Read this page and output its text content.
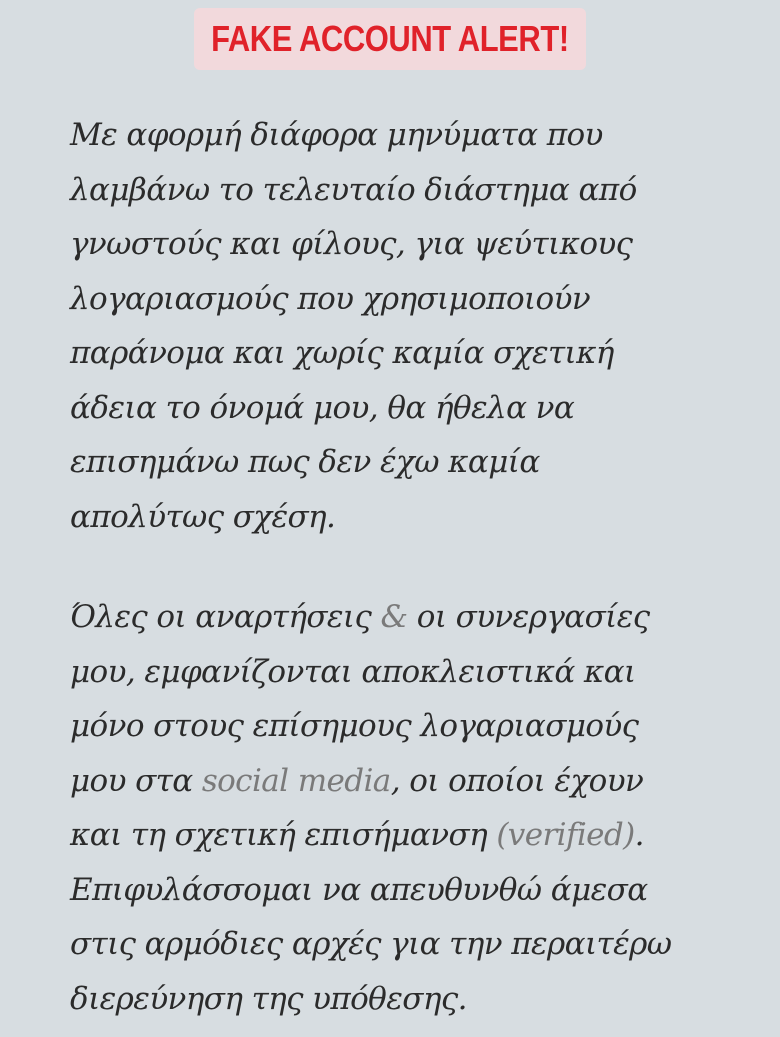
FAKE ACCOUNT ALERT!
Με αφορμή διάφορα μηνύματα που
λαμβάνω το τελευταίο διάστημα από
γνωστούς και φίλους, για ψεύτικους
λογαριασμούς που χρησιμοποιούν
παράνομα και χωρίς καμία σχετική
άδεια το όνομά μου, θα ήθελα να
επισημάνω πως δεν έχω καμία
απολύτως σχέση.
Όλες οι αναρτήσεις & οι συνεργασίες
μου, εμφανίζονται αποκλειστικά και
μόνο στους επίσημους λογαριασμούς
μου στα social media, οι οποίοι έχουν
και τη σχετική επισήμανση (verified).
Επιφυλάσσομαι να απευθυνθώ άμεσα
στις αρμόδιες αρχές για την περαιτέρω
διερεύνηση της υπόθεσης.
